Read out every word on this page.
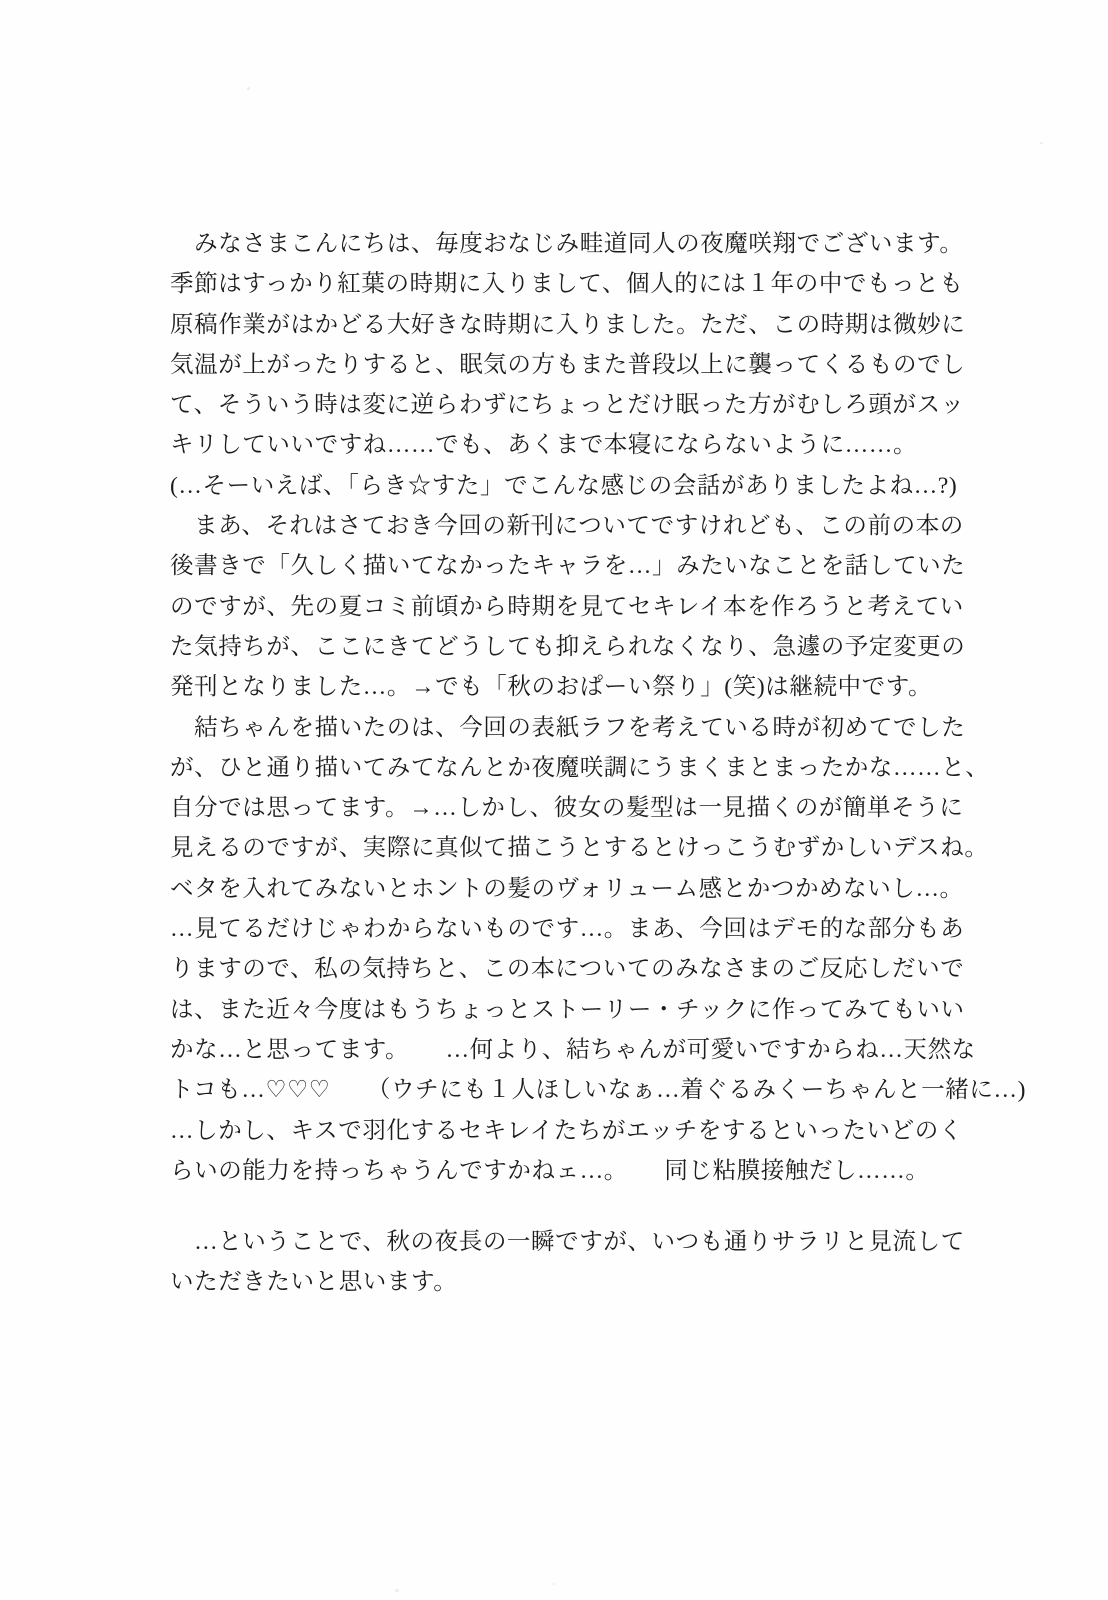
　みなさまこんにちは、毎度おなじみ畦道同人の夜魔咲翔でございます。
季節はすっかり紅葉の時期に入りまして、個人的には１年の中でもっとも
原稿作業がはかどる大好きな時期に入りました。ただ、この時期は微妙に
気温が上がったりすると、眠気の方もまた普段以上に襲ってくるものでし
て、そういう時は変に逆らわずにちょっとだけ眠った方がむしろ頭がスッ
キリしていいですね……でも、あくまで本寝にならないように……。
(…そーいえば、「らき☆すた」でこんな感じの会話がありましたよね…?)
　まあ、それはさておき今回の新刊についてですけれども、この前の本の
後書きで「久しく描いてなかったキャラを…」みたいなことを話していた
のですが、先の夏コミ前頃から時期を見てセキレイ本を作ろうと考えてい
た気持ちが、ここにきてどうしても抑えられなくなり、急遽の予定変更の
発刊となりました…。→でも「秋のおぱーい祭り」(笑)は継続中です。
　結ちゃんを描いたのは、今回の表紙ラフを考えている時が初めてでした
が、ひと通り描いてみてなんとか夜魔咲調にうまくまとまったかな……と、
自分では思ってます。→…しかし、彼女の髪型は一見描くのが簡単そうに
見えるのですが、実際に真似て描こうとするとけっこうむずかしいデスね。
ベタを入れてみないとホントの髪のヴォリューム感とかつかめないし…。
…見てるだけじゃわからないものです…。まあ、今回はデモ的な部分もあ
りますので、私の気持ちと、この本についてのみなさまのご反応しだいで
は、また近々今度はもうちょっとストーリー・チックに作ってみてもいい
かな…と思ってます。　　…何より、結ちゃんが可愛いですからね…天然な
トコも…♡♡♡　　（ウチにも１人ほしいなぁ…着ぐるみくーちゃんと一緒に…)
…しかし、キスで羽化するセキレイたちがエッチをするといったいどのく
らいの能力を持っちゃうんですかねェ…。　　同じ粘膜接触だし……。
　…ということで、秋の夜長の一瞬ですが、いつも通りサラリと見流して
いただきたいと思います。
